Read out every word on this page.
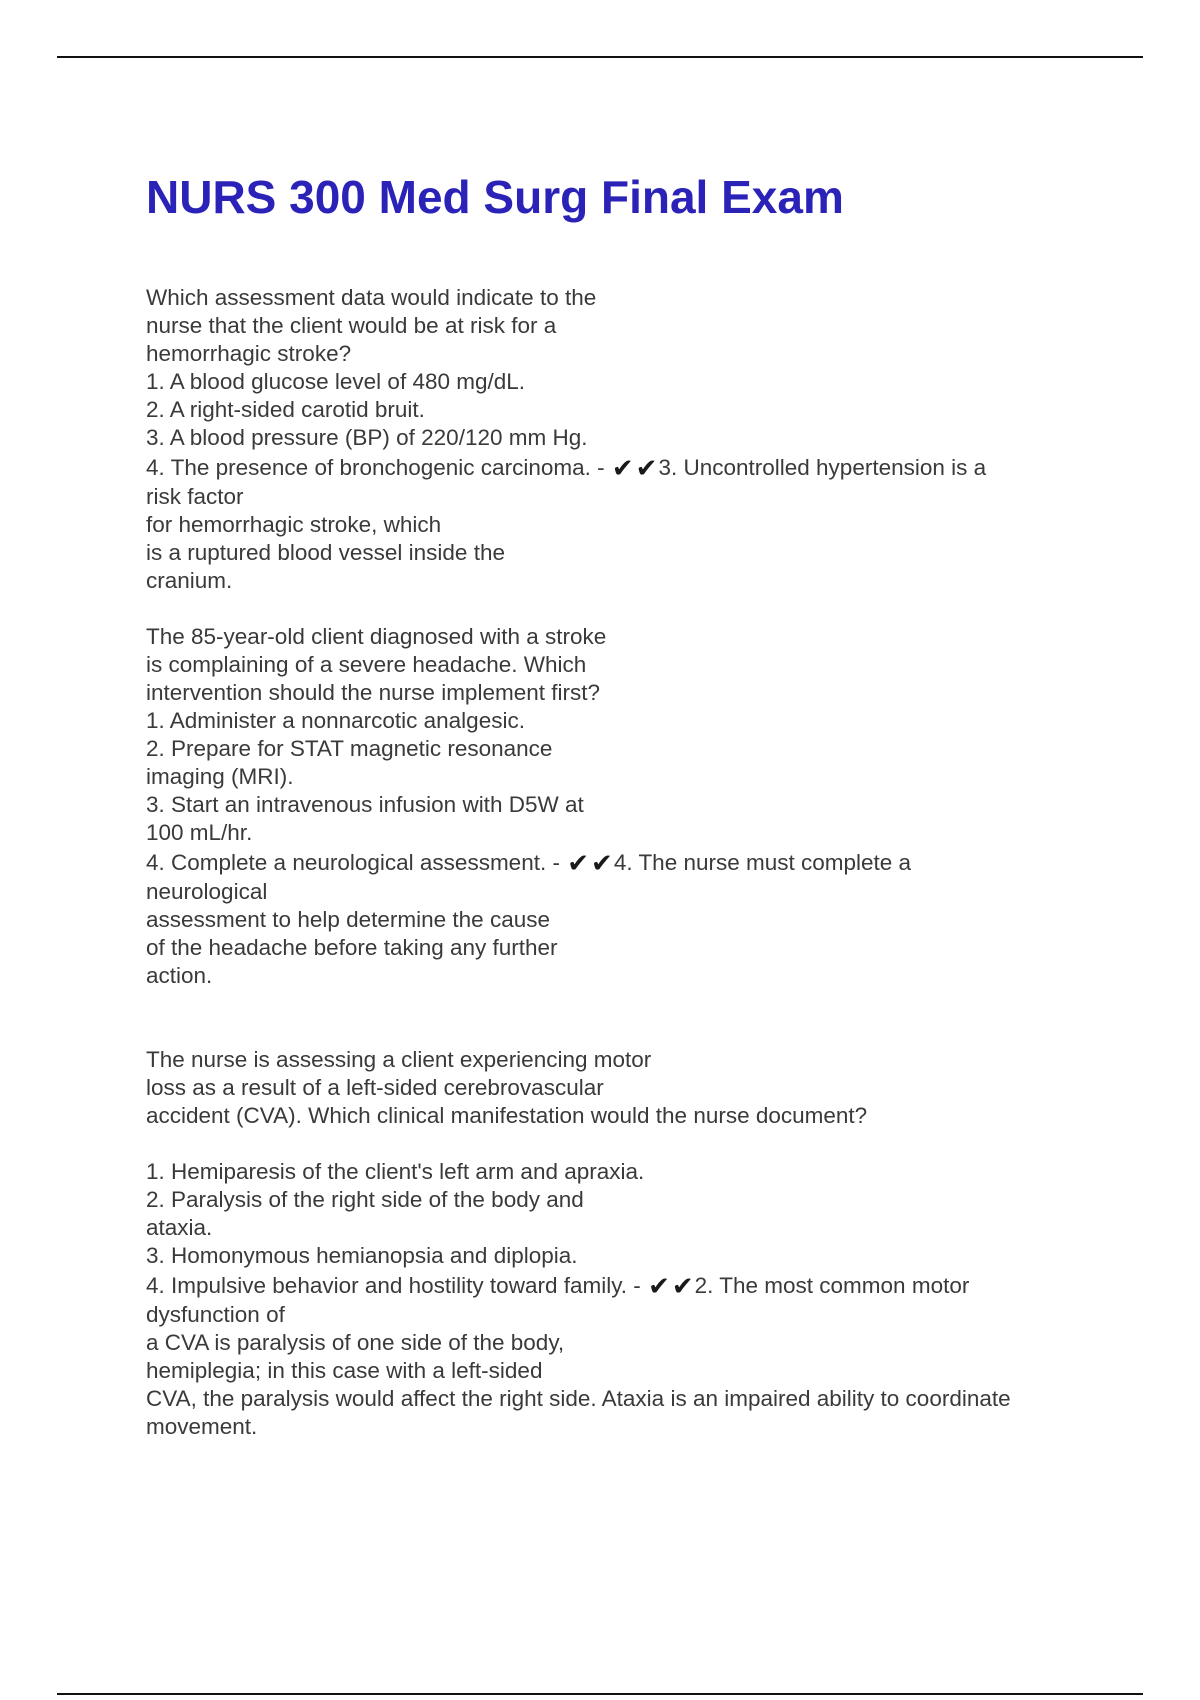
NURS 300 Med Surg Final Exam
Which assessment data would indicate to the
nurse that the client would be at risk for a
hemorrhagic stroke?
1. A blood glucose level of 480 mg/dL.
2. A right-sided carotid bruit.
3. A blood pressure (BP) of 220/120 mm Hg.
4. The presence of bronchogenic carcinoma. - ✔✔3. Uncontrolled hypertension is a
risk factor
for hemorrhagic stroke, which
is a ruptured blood vessel inside the
cranium.
The 85-year-old client diagnosed with a stroke
is complaining of a severe headache. Which
intervention should the nurse implement first?
1. Administer a nonnarcotic analgesic.
2. Prepare for STAT magnetic resonance
imaging (MRI).
3. Start an intravenous infusion with D5W at
100 mL/hr.
4. Complete a neurological assessment. - ✔✔4. The nurse must complete a
neurological
assessment to help determine the cause
of the headache before taking any further
action.
The nurse is assessing a client experiencing motor
loss as a result of a left-sided cerebrovascular
accident (CVA). Which clinical manifestation would the nurse document?
1. Hemiparesis of the client's left arm and apraxia.
2. Paralysis of the right side of the body and
ataxia.
3. Homonymous hemianopsia and diplopia.
4. Impulsive behavior and hostility toward family. - ✔✔2. The most common motor
dysfunction of
a CVA is paralysis of one side of the body,
hemiplegia; in this case with a left-sided
CVA, the paralysis would affect the right side. Ataxia is an impaired ability to coordinate
movement.
